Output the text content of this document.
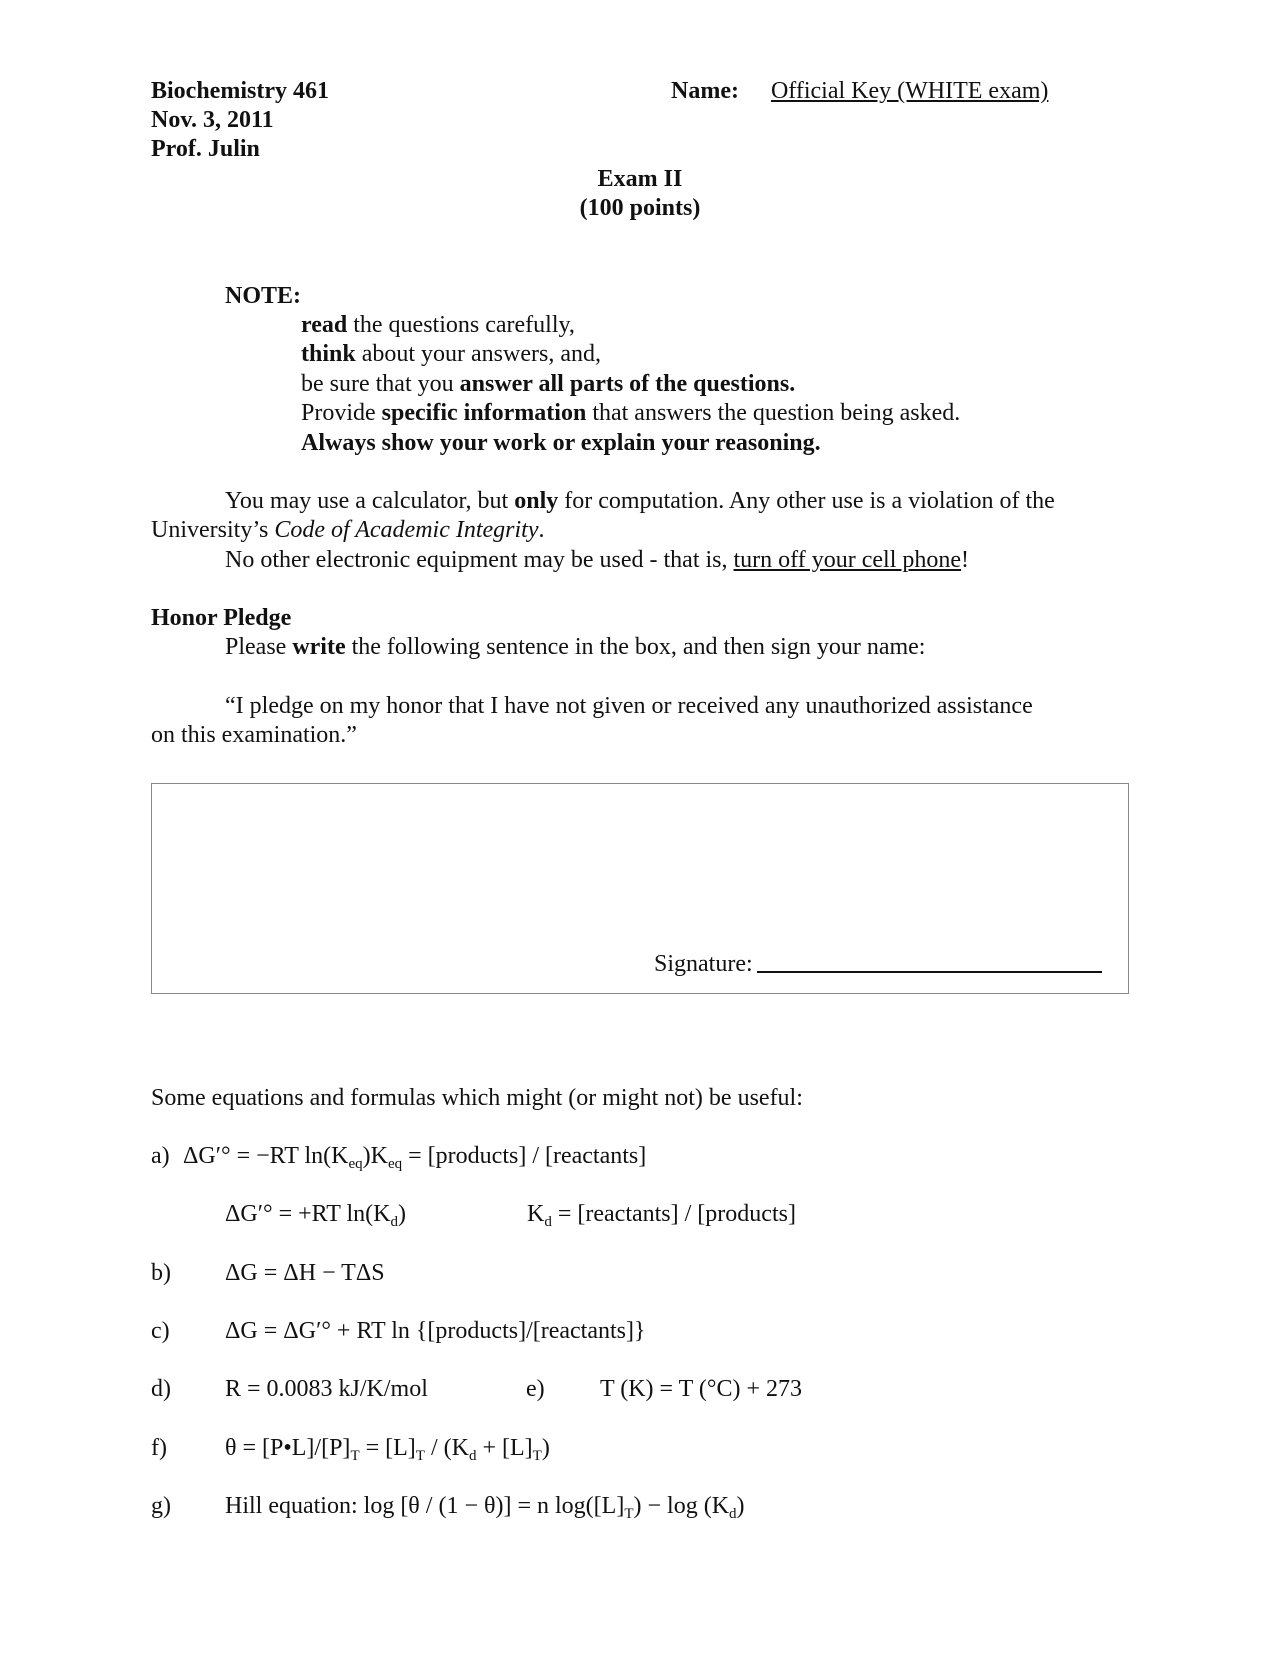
Biochemistry 461
Nov. 3, 2011
Prof. Julin
Name: Official Key (WHITE exam)
Exam II
(100 points)
NOTE:
read the questions carefully,
think about your answers, and,
be sure that you answer all parts of the questions.
Provide specific information that answers the question being asked.
Always show your work or explain your reasoning.
You may use a calculator, but only for computation. Any other use is a violation of the
University’s Code of Academic Integrity.
No other electronic equipment may be used - that is, turn off your cell phone!
Honor Pledge
Please write the following sentence in the box, and then sign your name:
“I pledge on my honor that I have not given or received any unauthorized assistance
on this examination.”
Signature:
Some equations and formulas which might (or might not) be useful:
a) ΔG′° = −RT $\ln(K_{eq})K_{eq}$ = [products] / [reactants]
ΔG′° = +RT $\ln(K_d)$	$K_d$ = [reactants] / [products]
b) ΔG = ΔH − TΔS
c) ΔG = ΔG′° + RT ln {[products]/[reactants]}
d) R = 0.0083 kJ/K/mol	e) T (K) = T (°C) + 273
f) $\theta = [P•L]/[P]_T = [L]_T / (K_d + [L]_T)$
g) Hill equation: log [θ / (1 − θ)] = n $\log([L]_T) - \log (K_d)$
